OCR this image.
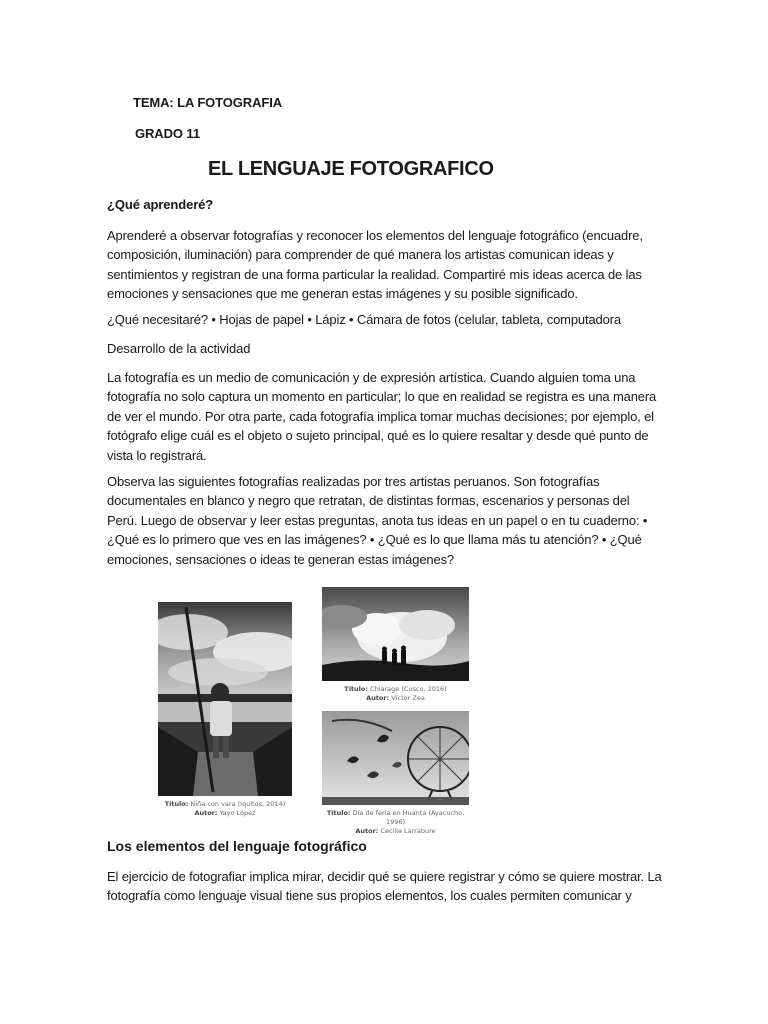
TEMA: LA FOTOGRAFIA
GRADO 11
EL LENGUAJE FOTOGRAFICO
¿Qué aprenderé?
Aprenderé a observar fotografías y reconocer los elementos del lenguaje fotográfico (encuadre, composición, iluminación) para comprender de qué manera los artistas comunican ideas y sentimientos y registran de una forma particular la realidad. Compartiré mis ideas acerca de las emociones y sensaciones que me generan estas imágenes y su posible significado.
¿Qué necesitaré? • Hojas de papel • Lápiz • Cámara de fotos (celular, tableta, computadora
Desarrollo de la actividad
La fotografía es un medio de comunicación y de expresión artística. Cuando alguien toma una fotografía no solo captura un momento en particular; lo que en realidad se registra es una manera de ver el mundo. Por otra parte, cada fotografía implica tomar muchas decisiones; por ejemplo, el fotógrafo elige cuál es el objeto o sujeto principal, qué es lo quiere resaltar y desde qué punto de vista lo registrará.
Observa las siguientes fotografías realizadas por tres artistas peruanos. Son fotografías documentales en blanco y negro que retratan, de distintas formas, escenarios y personas del Perú. Luego de observar y leer estas preguntas, anota tus ideas en un papel o en tu cuaderno: • ¿Qué es lo primero que ves en las imágenes? • ¿Qué es lo que llama más tu atención? • ¿Qué emociones, sensaciones o ideas te generan estas imágenes?
Título: Niña con vara (Iquitos, 2014)
Autor: Yayo López
Título: Chiarage (Cusco, 2016)
Autor: Víctor Zea
Título: Día de feria en Huanta (Ayacucho, 1996)
Autor: Cecilia Larrabure
Los elementos del lenguaje fotográfico
El ejercicio de fotografiar implica mirar, decidir qué se quiere registrar y cómo se quiere mostrar. La fotografía como lenguaje visual tiene sus propios elementos, los cuales permiten comunicar y
